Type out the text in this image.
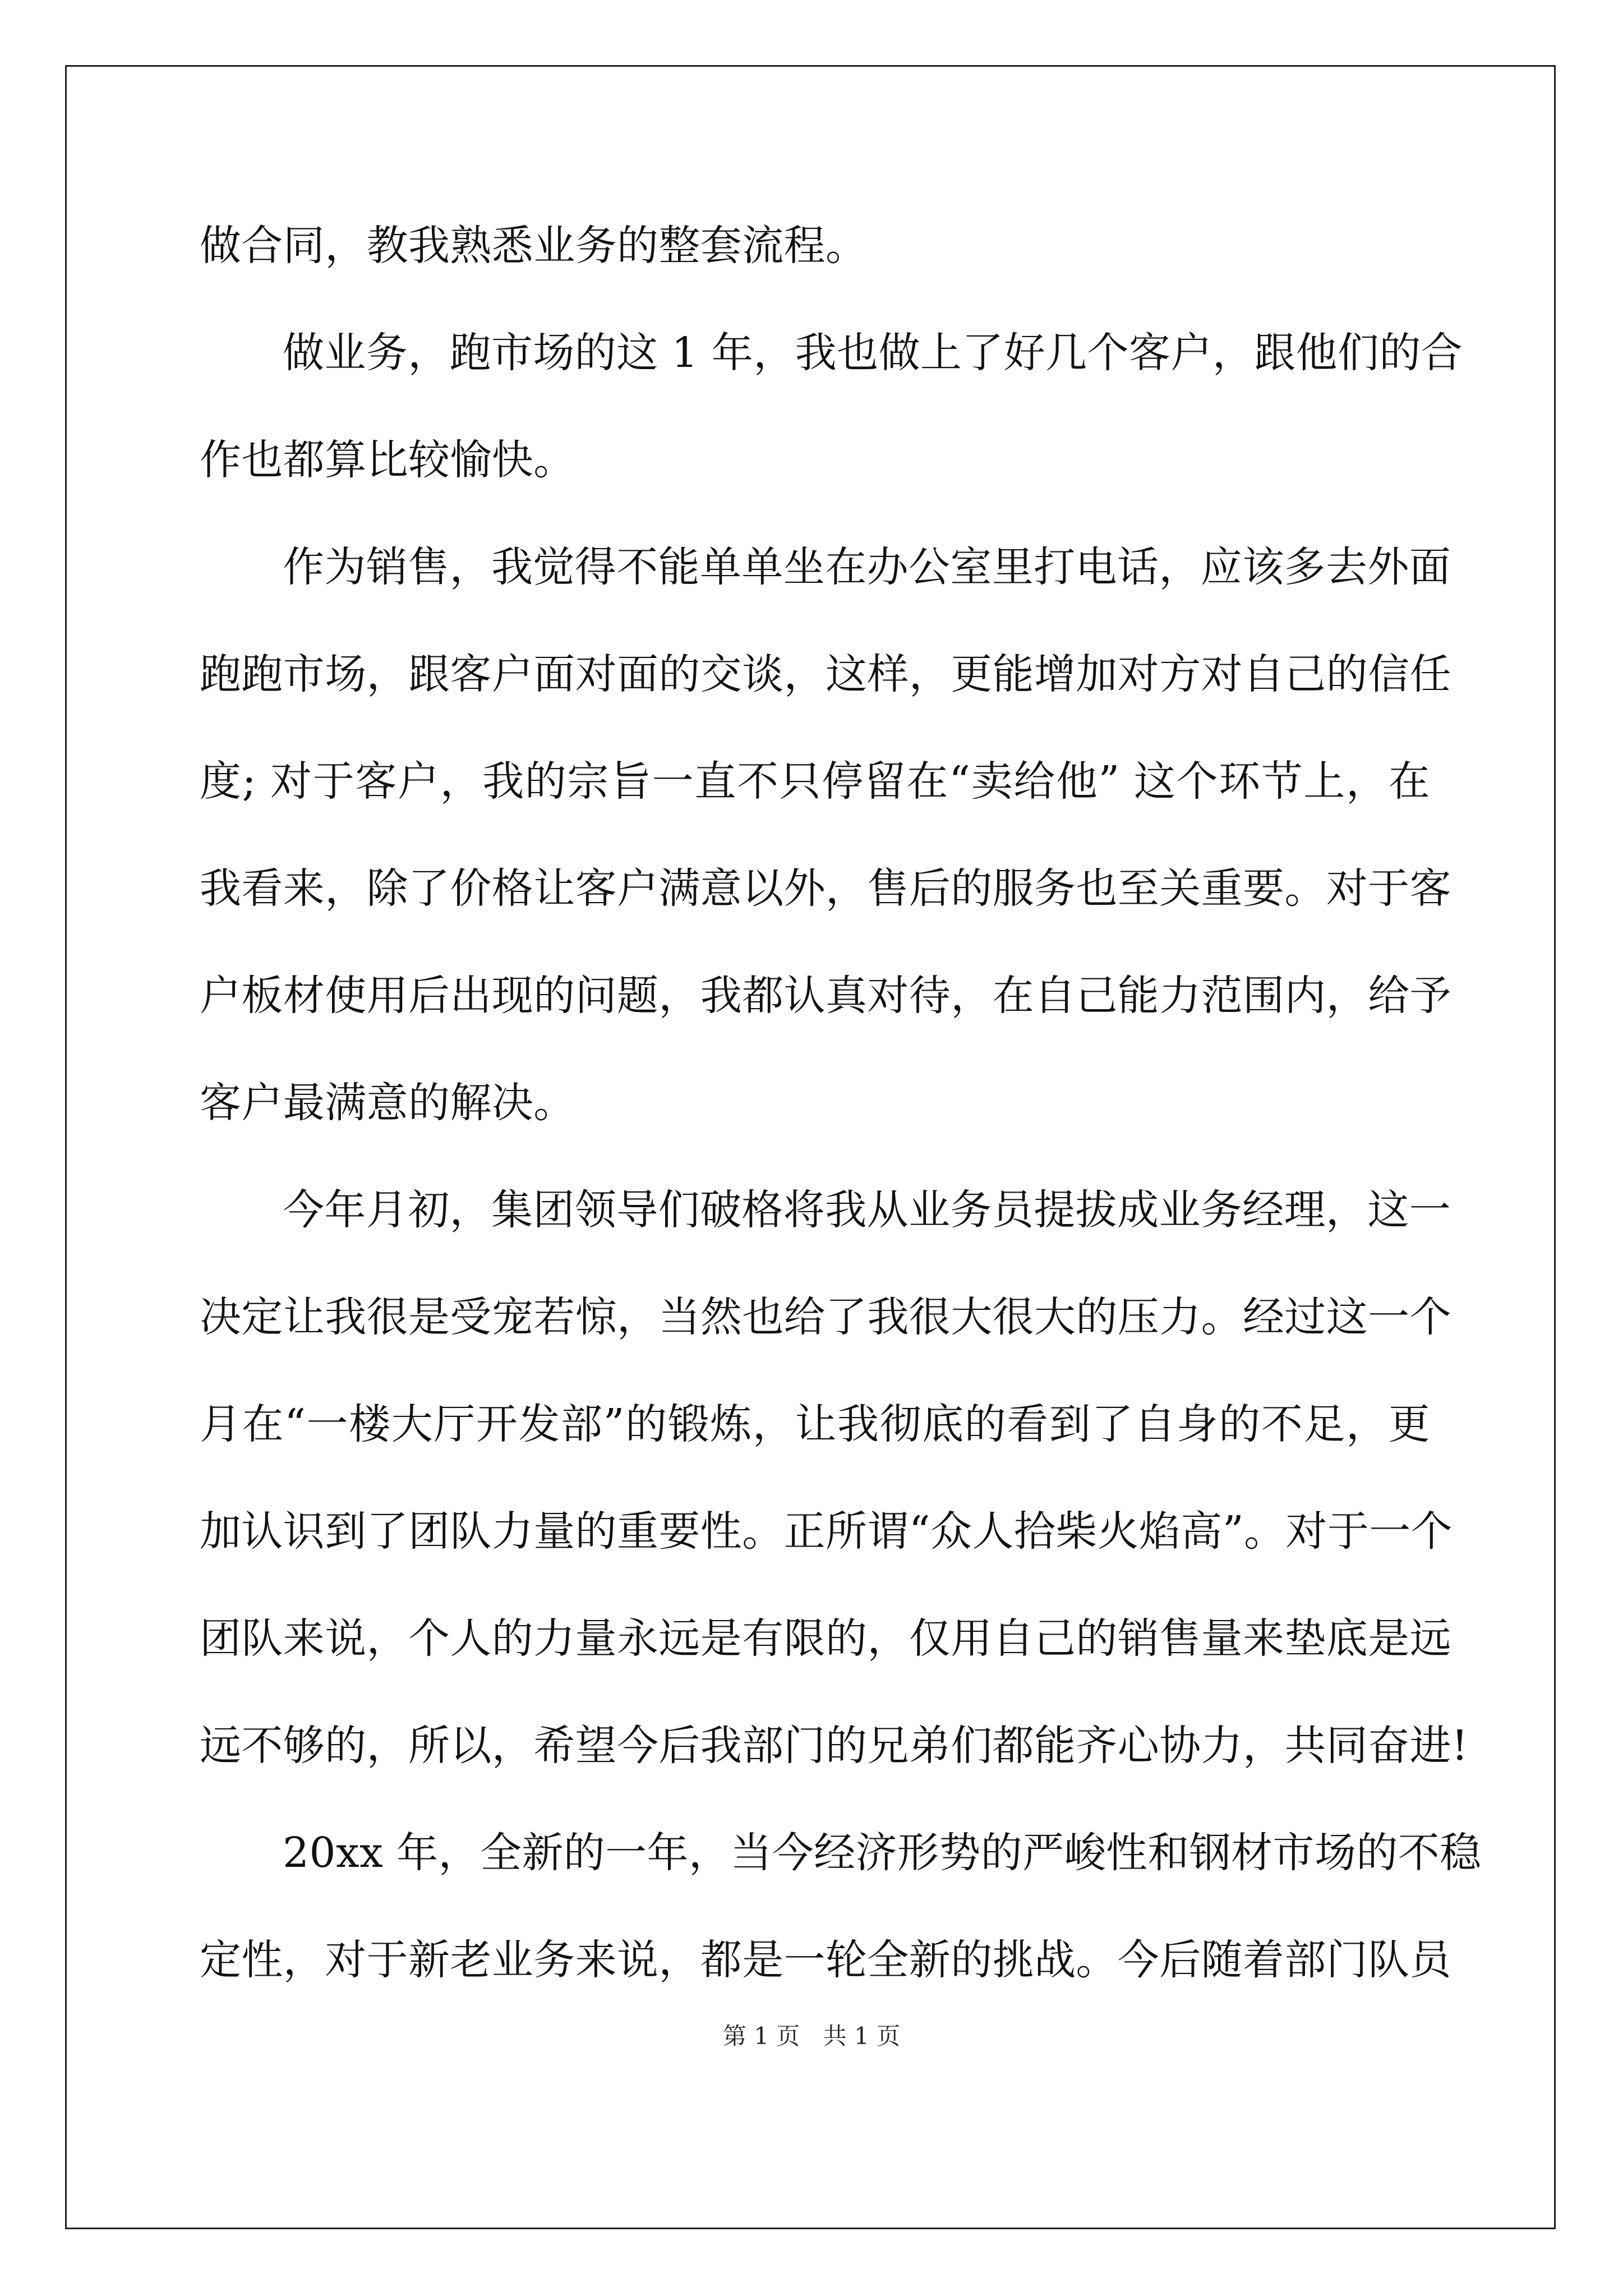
做合同，教我熟悉业务的整套流程。
做业务，跑市场的这 1 年，我也做上了好几个客户，跟他们的合
作也都算比较愉快。
作为销售，我觉得不能单单坐在办公室里打电话，应该多去外面
跑跑市场，跟客户面对面的交谈，这样，更能增加对方对自己的信任
度; 对于客户，我的宗旨一直不只停留在“卖给他” 这个环节上，在
我看来，除了价格让客户满意以外，售后的服务也至关重要。对于客
户板材使用后出现的问题，我都认真对待，在自己能力范围内，给予
客户最满意的解决。
今年月初，集团领导们破格将我从业务员提拔成业务经理，这一
决定让我很是受宠若惊，当然也给了我很大很大的压力。经过这一个
月在“一楼大厅开发部”的锻炼，让我彻底的看到了自身的不足，更
加认识到了团队力量的重要性。正所谓“众人拾柴火焰高”。对于一个
团队来说，个人的力量永远是有限的，仅用自己的销售量来垫底是远
远不够的，所以，希望今后我部门的兄弟们都能齐心协力，共同奋进!
20xx 年，全新的一年，当今经济形势的严峻性和钢材市场的不稳
定性，对于新老业务来说，都是一轮全新的挑战。今后随着部门队员
第 1 页 共 1 页
